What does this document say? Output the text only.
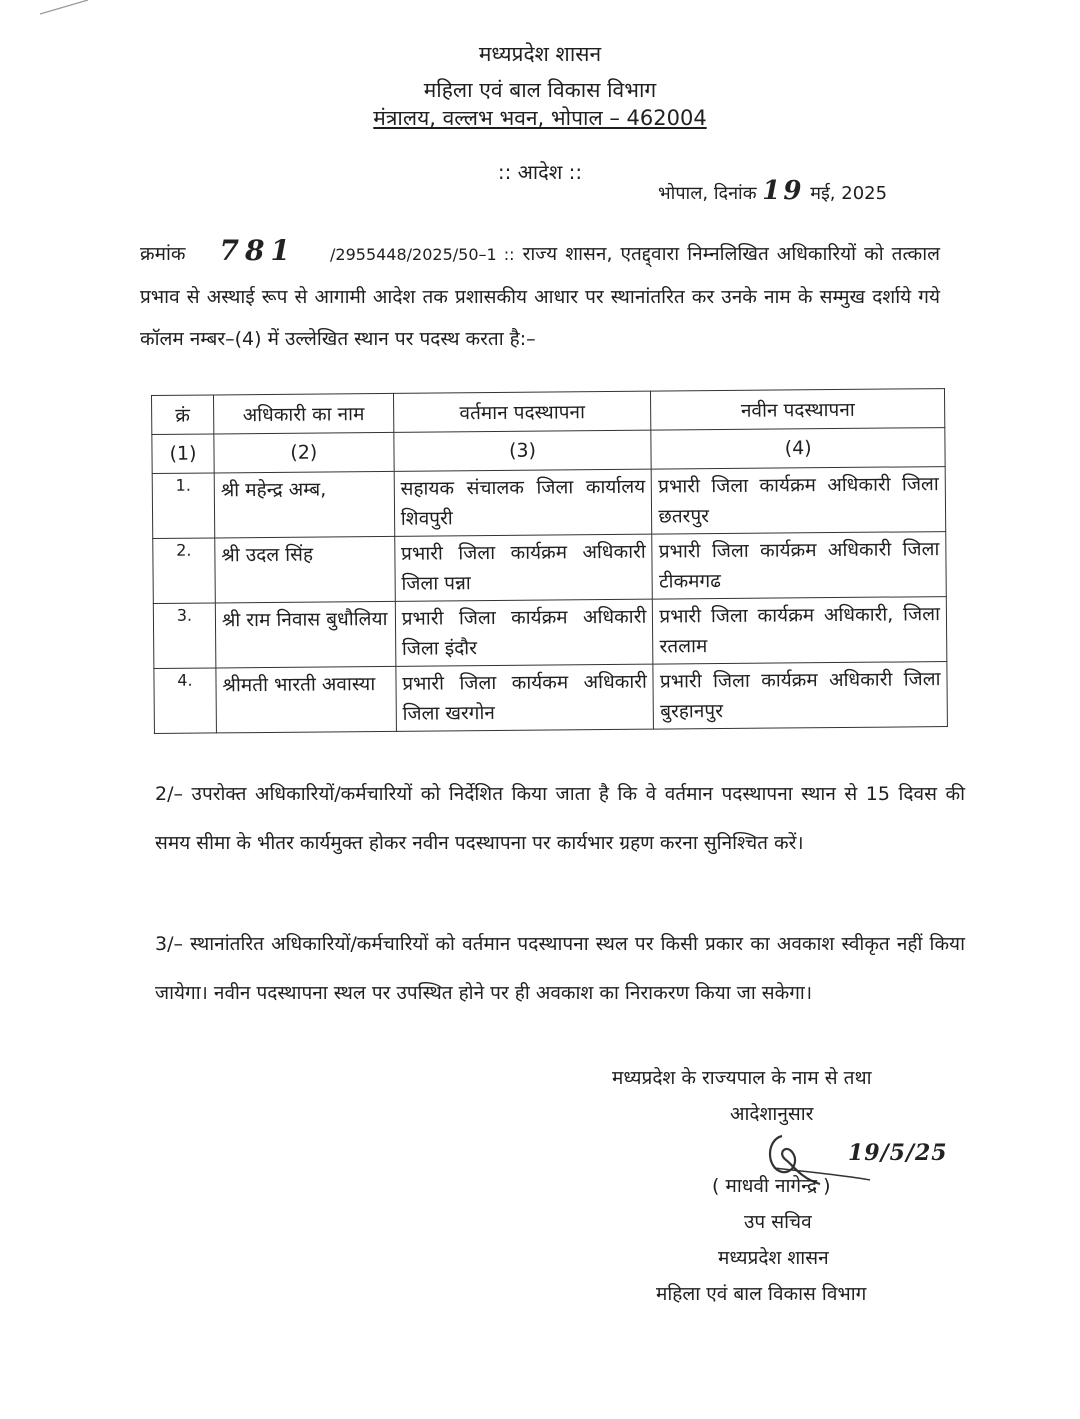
मध्यप्रदेश शासन
महिला एवं बाल विकास विभाग
मंत्रालय, वल्लभ भवन, भोपाल – 462004
:: आदेश ::
भोपाल, दिनांक 19 मई, 2025
क्रमांक 781 /2955448/2025/50–1 :: राज्य शासन, एतद्द्वारा निम्नलिखित अधिकारियों को तत्काल प्रभाव से अस्थाई रूप से आगामी आदेश तक प्रशासकीय आधार पर स्थानांतरित कर उनके नाम के सम्मुख दर्शाये गये कॉलम नम्बर–(4) में उल्लेखित स्थान पर पदस्थ करता है:–
क्रं	अधिकारी का नाम	वर्तमान पदस्थापना	नवीन पदस्थापना
(1)	(2)	(3)	(4)
1.	श्री महेन्द्र अम्ब,	सहायक संचालक जिला कार्यालय शिवपुरी	प्रभारी जिला कार्यक्रम अधिकारी जिला छतरपुर
2.	श्री उदल सिंह	प्रभारी जिला कार्यक्रम अधिकारी जिला पन्ना	प्रभारी जिला कार्यक्रम अधिकारी जिला टीकमगढ
3.	श्री राम निवास बुधौलिया	प्रभारी जिला कार्यक्रम अधिकारी जिला इंदौर	प्रभारी जिला कार्यक्रम अधिकारी, जिला रतलाम
4.	श्रीमती भारती अवास्या	प्रभारी जिला कार्यकम अधिकारी जिला खरगोन	प्रभारी जिला कार्यक्रम अधिकारी जिला बुरहानपुर
2/– उपरोक्त अधिकारियों/कर्मचारियों को निर्देशित किया जाता है कि वे वर्तमान पदस्थापना स्थान से 15 दिवस की समय सीमा के भीतर कार्यमुक्त होकर नवीन पदस्थापना पर कार्यभार ग्रहण करना सुनिश्चित करें।
3/– स्थानांतरित अधिकारियों/कर्मचारियों को वर्तमान पदस्थापना स्थल पर किसी प्रकार का अवकाश स्वीकृत नहीं किया जायेगा। नवीन पदस्थापना स्थल पर उपस्थित होने पर ही अवकाश का निराकरण किया जा सकेगा।
मध्यप्रदेश के राज्यपाल के नाम से तथा
आदेशानुसार
19/5/25
( माधवी नागेन्द्र )
उप सचिव
मध्यप्रदेश शासन
महिला एवं बाल विकास विभाग
